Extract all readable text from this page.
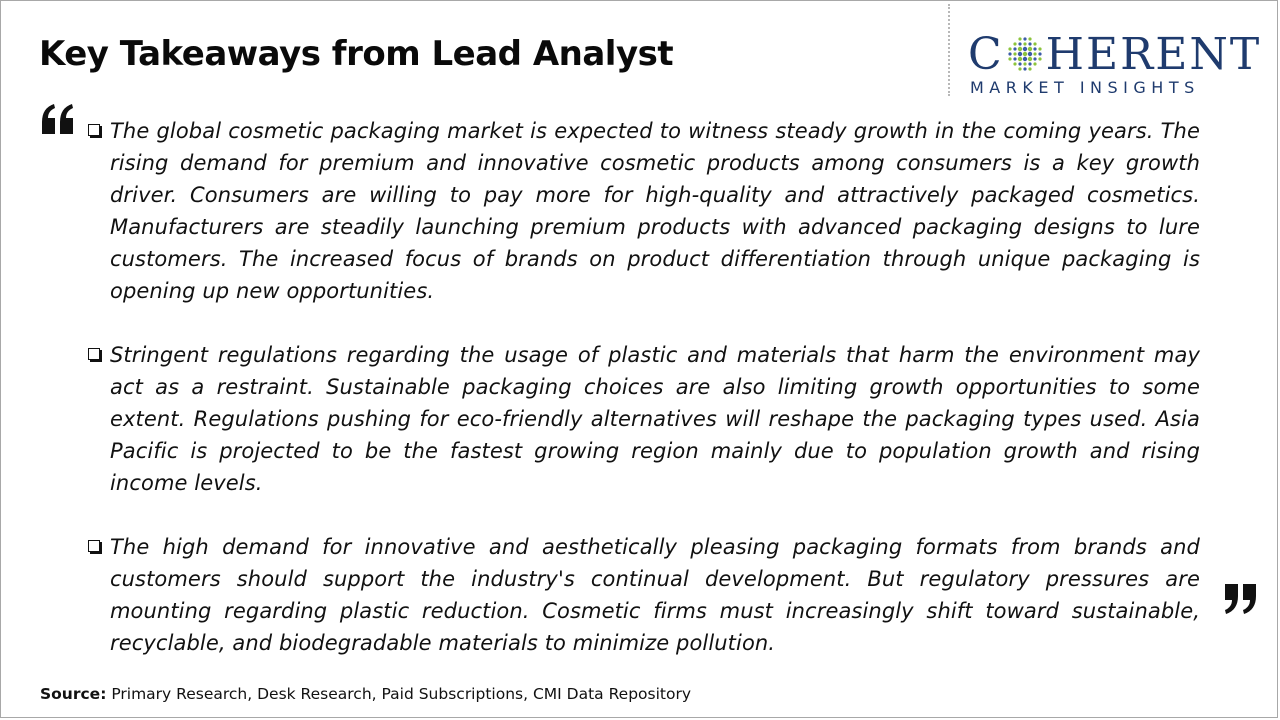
Key Takeaways from Lead Analyst	C HERENT
MARKET INSIGHTS
The global cosmetic packaging market is expected to witness steady growth in the coming years. The rising demand for premium and innovative cosmetic products among consumers is a key growth driver. Consumers are willing to pay more for high-quality and attractively packaged cosmetics. Manufacturers are steadily launching premium products with advanced packaging designs to lure customers. The increased focus of brands on product differentiation through unique packaging is opening up new opportunities.
Stringent regulations regarding the usage of plastic and materials that harm the environment may act as a restraint. Sustainable packaging choices are also limiting growth opportunities to some extent. Regulations pushing for eco-friendly alternatives will reshape the packaging types used. Asia Pacific is projected to be the fastest growing region mainly due to population growth and rising income levels.
The high demand for innovative and aesthetically pleasing packaging formats from brands and customers should support the industry's continual development. But regulatory pressures are mounting regarding plastic reduction. Cosmetic firms must increasingly shift toward sustainable, recyclable, and biodegradable materials to minimize pollution.
Source: Primary Research, Desk Research, Paid Subscriptions, CMI Data Repository
